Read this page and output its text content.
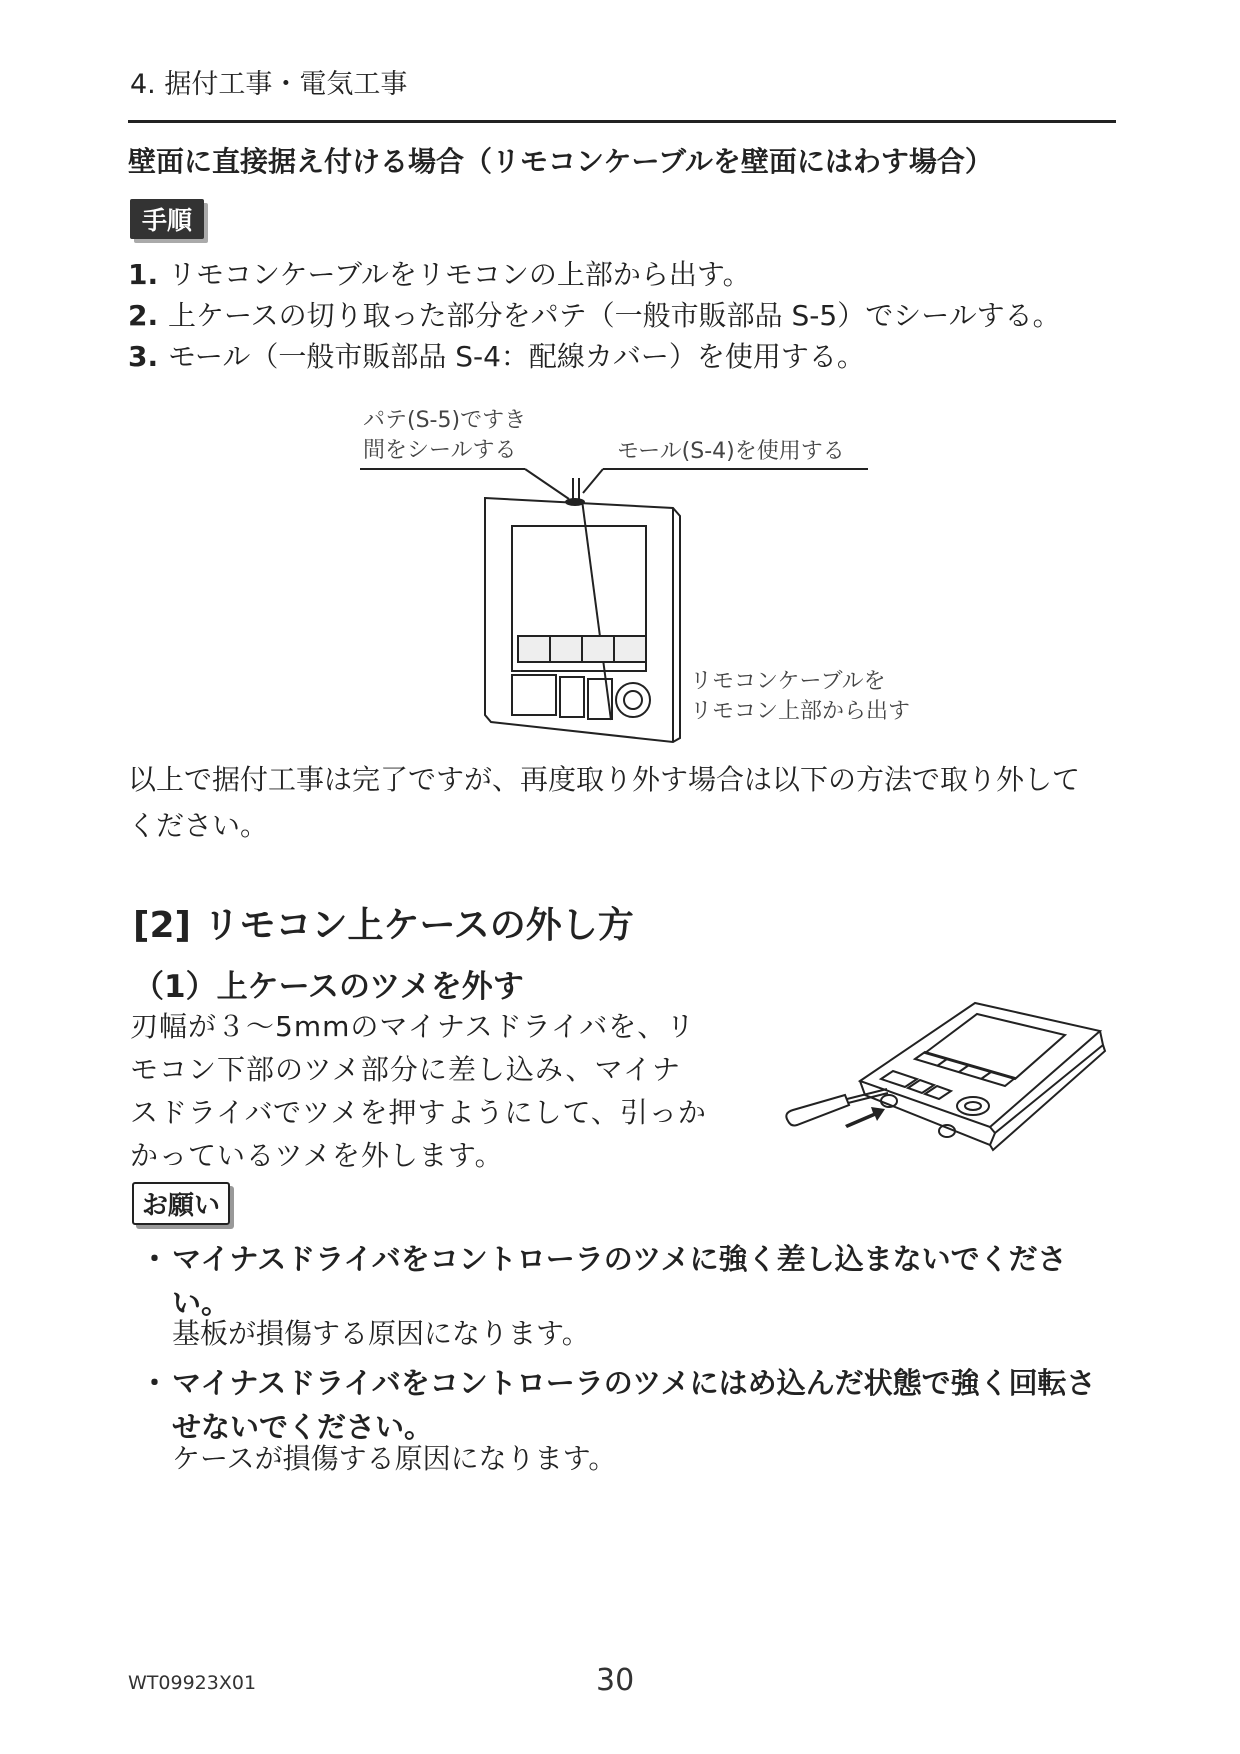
4. 据付工事・電気工事
壁面に直接据え付ける場合（リモコンケーブルを壁面にはわす場合）
手順
1. リモコンケーブルをリモコンの上部から出す。
2. 上ケースの切り取った部分をパテ（一般市販部品 S-5）でシールする。
3. モール（一般市販部品 S-4：配線カバー）を使用する。
パテ(S-5)ですき
間をシールする	モール(S-4)を使用する
リモコンケーブルを
リモコン上部から出す
以上で据付工事は完了ですが、再度取り外す場合は以下の方法で取り外して
ください。
[2] リモコン上ケースの外し方
（1）上ケースのツメを外す
刃幅が３～5mmのマイナスドライバを、リ
モコン下部のツメ部分に差し込み、マイナ
スドライバでツメを押すようにして、引っか
かっているツメを外します。
お願い
・ マイナスドライバをコントローラのツメに強く差し込まないでくださ
い。
基板が損傷する原因になります。
・ マイナスドライバをコントローラのツメにはめ込んだ状態で強く回転さ
せないでください。
ケースが損傷する原因になります。
WT09923X01	30
